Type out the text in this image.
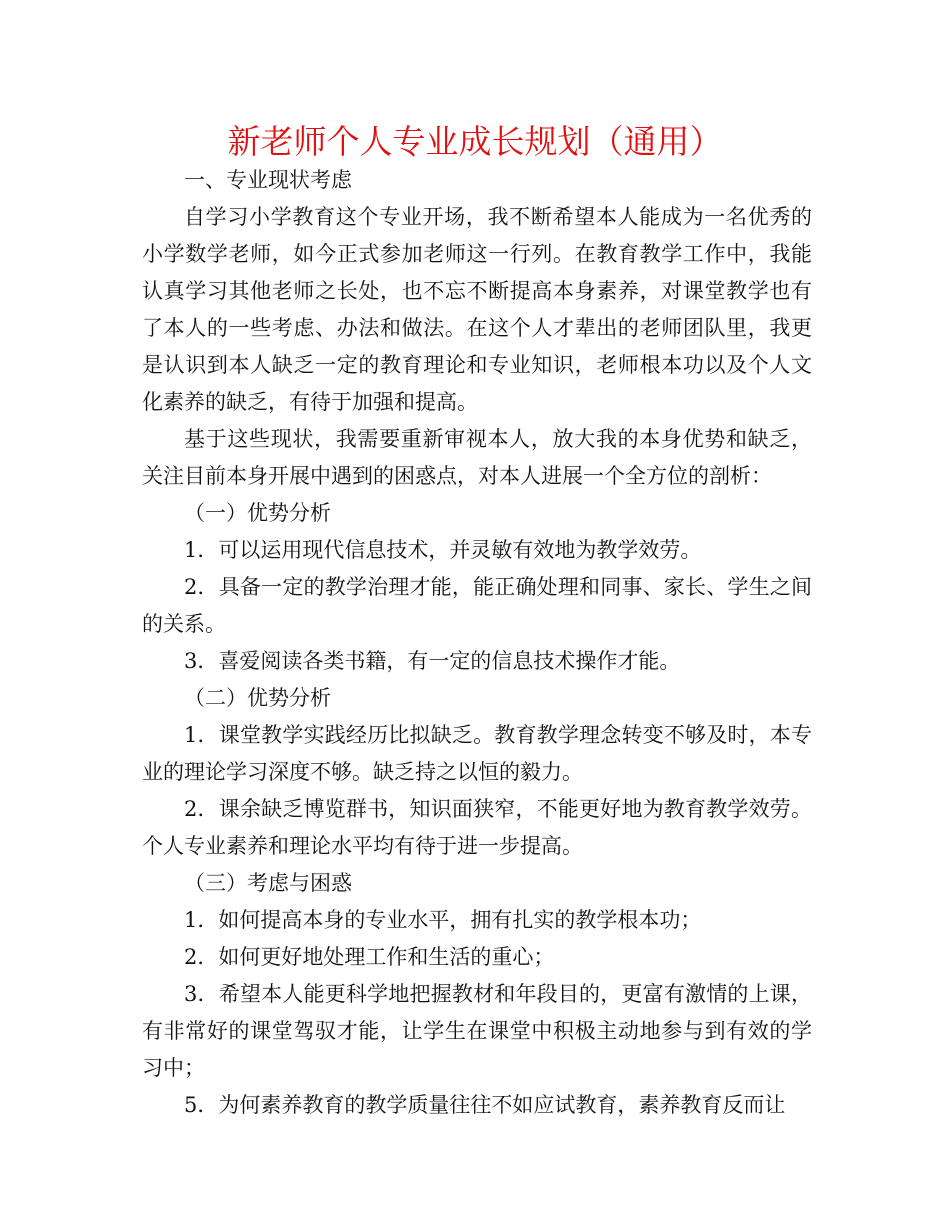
新老师个人专业成长规划（通用）

一、专业现状考虑

自学习小学教育这个专业开场，我不断希望本人能成为一名优秀的小学数学老师，如今正式参加老师这一行列。在教育教学工作中，我能认真学习其他老师之长处，也不忘不断提高本身素养，对课堂教学也有了本人的一些考虑、办法和做法。在这个人才辈出的老师团队里，我更是认识到本人缺乏一定的教育理论和专业知识，老师根本功以及个人文化素养的缺乏，有待于加强和提高。

基于这些现状，我需要重新审视本人，放大我的本身优势和缺乏，关注目前本身开展中遇到的困惑点，对本人进展一个全方位的剖析：

（一）优势分析

1．可以运用现代信息技术，并灵敏有效地为教学效劳。

2．具备一定的教学治理才能，能正确处理和同事、家长、学生之间的关系。

3．喜爱阅读各类书籍，有一定的信息技术操作才能。

（二）优势分析

1．课堂教学实践经历比拟缺乏。教育教学理念转变不够及时，本专业的理论学习深度不够。缺乏持之以恒的毅力。

2．课余缺乏博览群书，知识面狭窄，不能更好地为教育教学效劳。个人专业素养和理论水平均有待于进一步提高。

（三）考虑与困惑

1．如何提高本身的专业水平，拥有扎实的教学根本功；

2．如何更好地处理工作和生活的重心；

3．希望本人能更科学地把握教材和年段目的，更富有激情的上课，有非常好的课堂驾驭才能，让学生在课堂中积极主动地参与到有效的学习中；

5．为何素养教育的教学质量往往不如应试教育，素养教育反而让
